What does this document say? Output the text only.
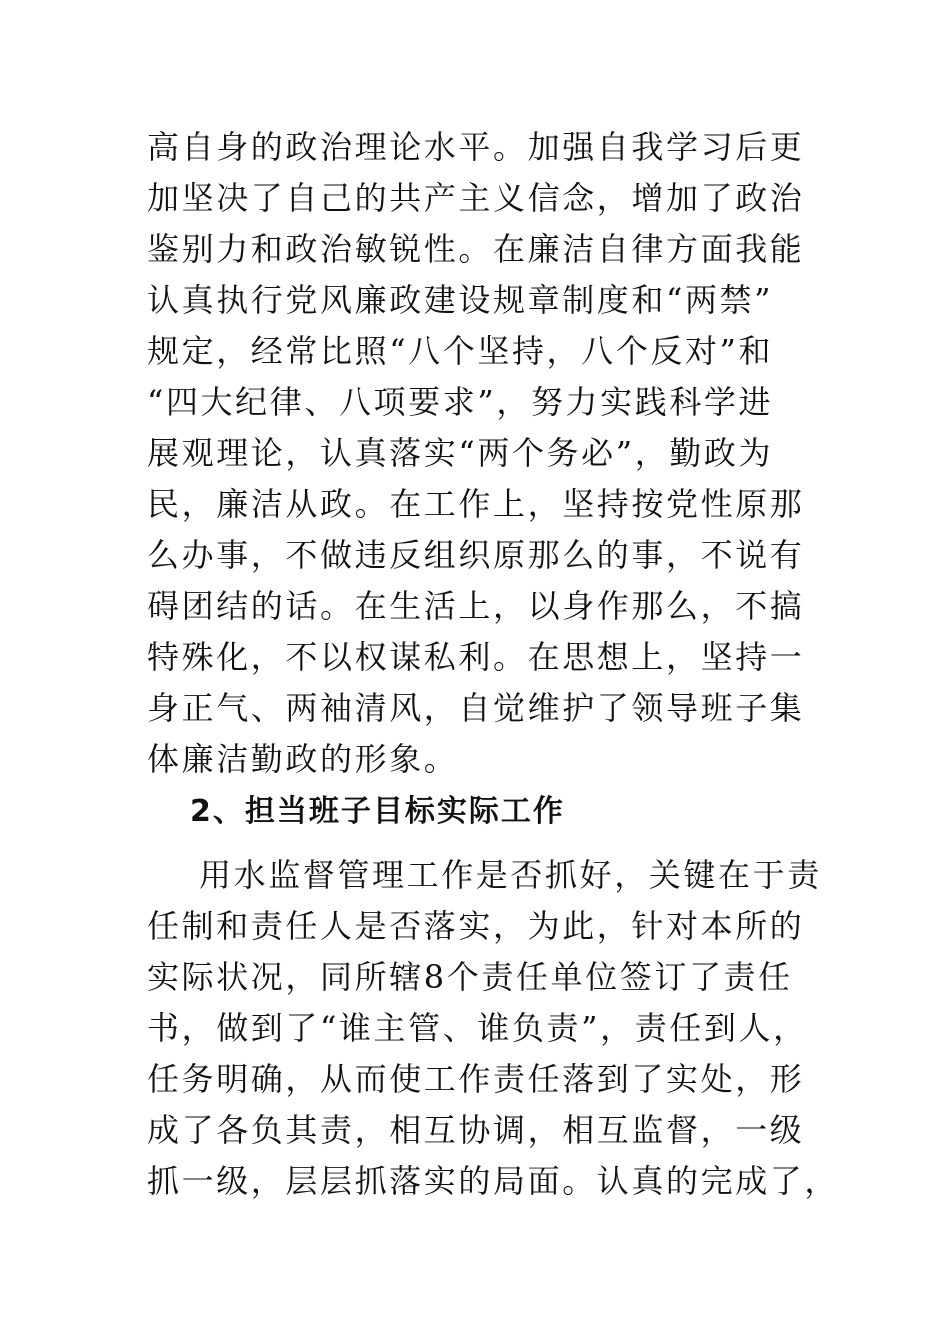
高自身的政治理论水平。加强自我学习后更
加坚决了自己的共产主义信念，增加了政治
鉴别力和政治敏锐性。在廉洁自律方面我能
认真执行党风廉政建设规章制度和“两禁”
规定，经常比照“八个坚持，八个反对”和
“四大纪律、八项要求”，努力实践科学进
展观理论，认真落实“两个务必”，勤政为
民，廉洁从政。在工作上，坚持按党性原那
么办事，不做违反组织原那么的事，不说有
碍团结的话。在生活上，以身作那么，不搞
特殊化，不以权谋私利。在思想上，坚持一
身正气、两袖清风，自觉维护了领导班子集
体廉洁勤政的形象。
2、担当班子目标实际工作
用水监督管理工作是否抓好，关键在于责
任制和责任人是否落实，为此，针对本所的
实际状况，同所辖8个责任单位签订了责任
书，做到了“谁主管、谁负责”，责任到人，
任务明确，从而使工作责任落到了实处，形
成了各负其责，相互协调，相互监督，一级
抓一级，层层抓落实的局面。认真的完成了，
